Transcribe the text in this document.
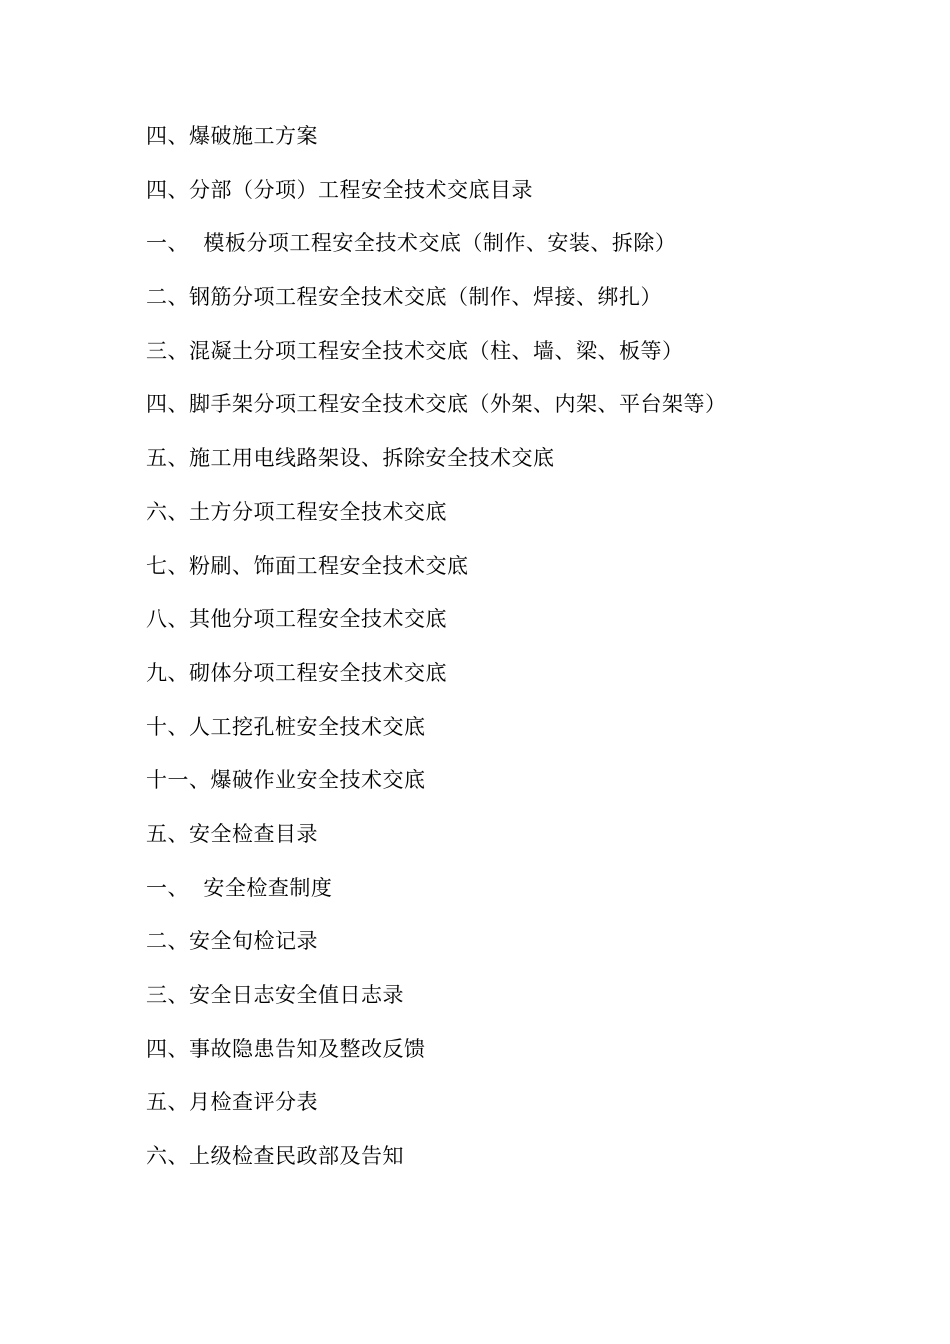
四、爆破施工方案
四、分部（分项）工程安全技术交底目录
一、  模板分项工程安全技术交底（制作、安装、拆除）
二、钢筋分项工程安全技术交底（制作、焊接、绑扎）
三、混凝土分项工程安全技术交底（柱、墙、梁、板等）
四、脚手架分项工程安全技术交底（外架、内架、平台架等）
五、施工用电线路架设、拆除安全技术交底
六、土方分项工程安全技术交底
七、粉刷、饰面工程安全技术交底
八、其他分项工程安全技术交底
九、砌体分项工程安全技术交底
十、人工挖孔桩安全技术交底
十一、爆破作业安全技术交底
五、安全检查目录
一、  安全检查制度
二、安全旬检记录
三、安全日志安全值日志录
四、事故隐患告知及整改反馈
五、月检查评分表
六、上级检查民政部及告知
